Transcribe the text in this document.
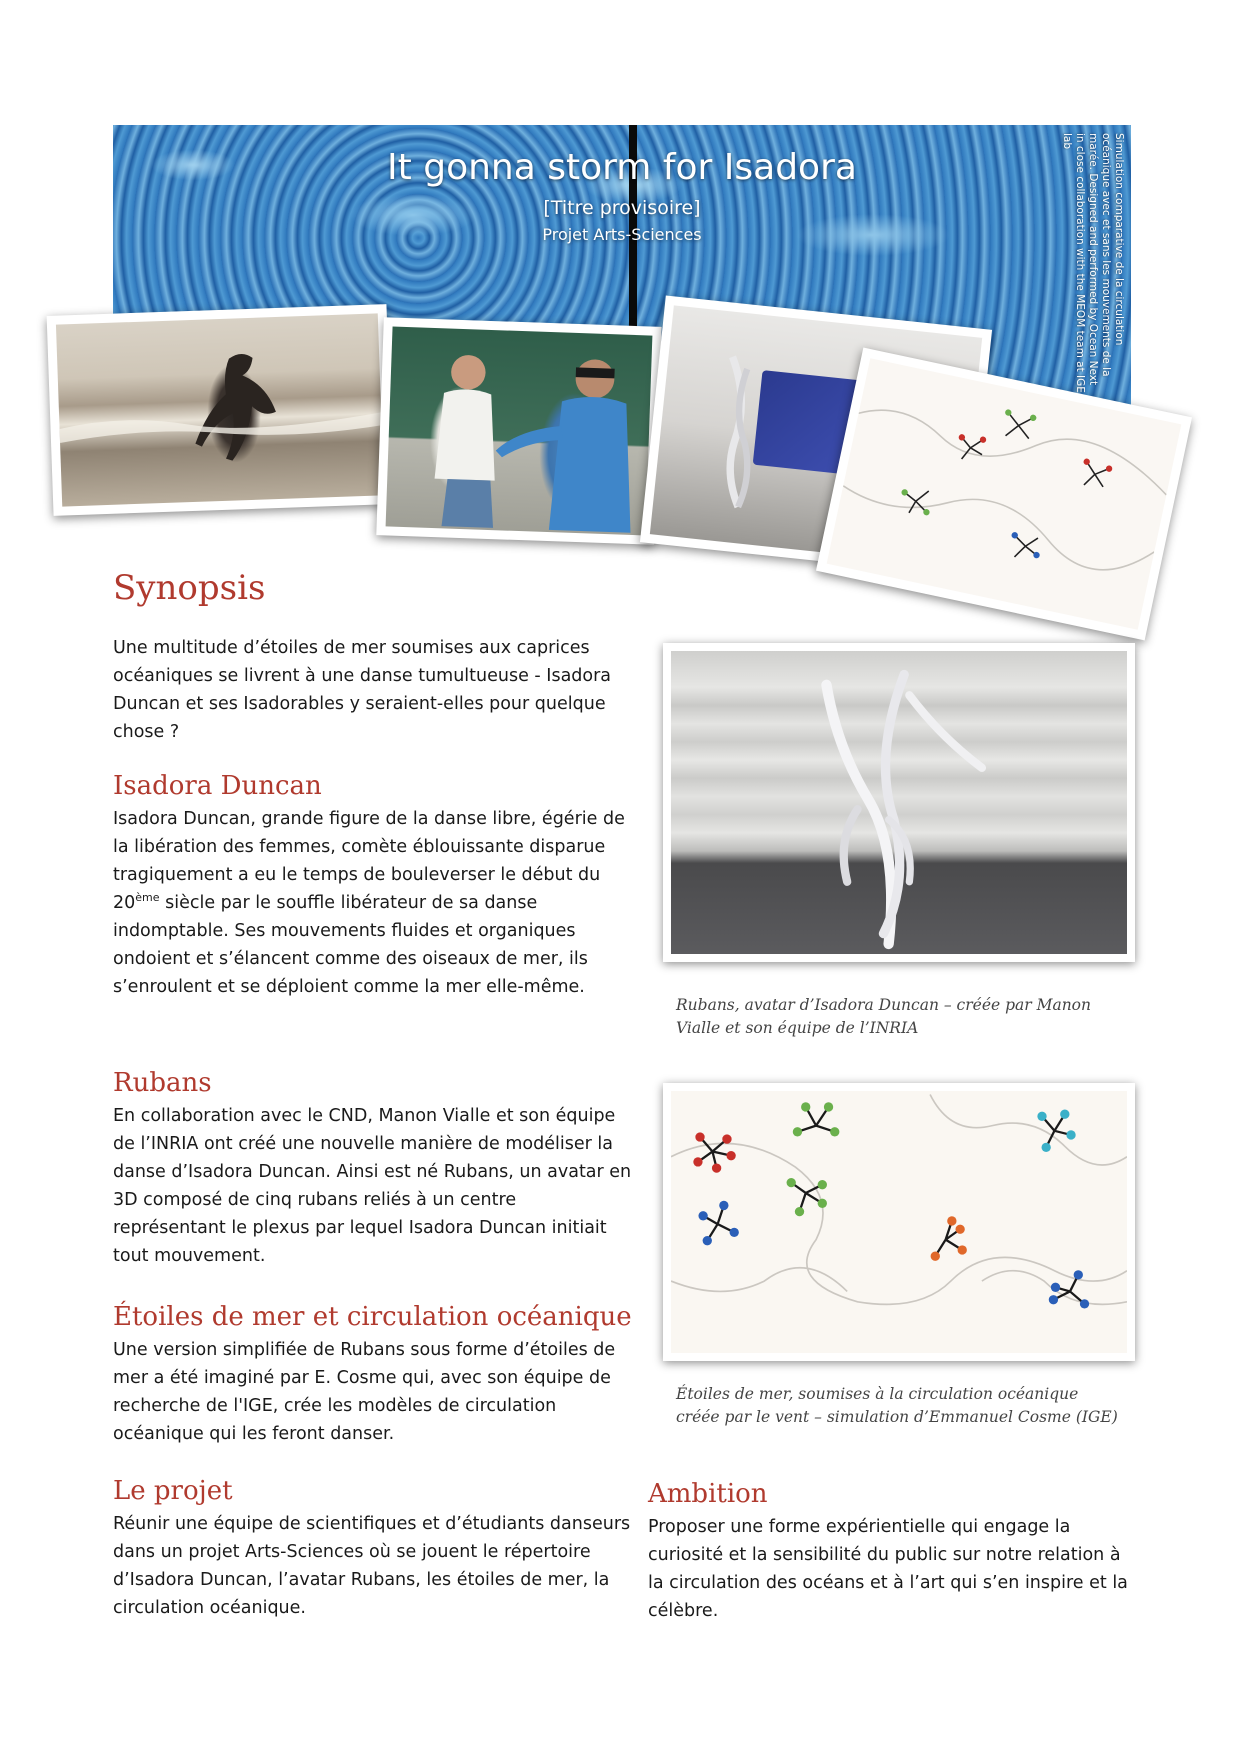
It gonna storm for Isadora
[Titre provisoire]
Projet Arts-Sciences	Simulation comparative de la circulation océanique avec et sans les mouvements de la marée. Designed and performed by Ocean Next in close collaboration with the MEOM team at IGE lab
Synopsis

Une multitude d’étoiles de mer soumises aux caprices océaniques se livrent à une danse tumultueuse - Isadora Duncan et ses Isadorables y seraient-elles pour quelque chose ?

Isadora Duncan

Isadora Duncan, grande figure de la danse libre, égérie de la libération des femmes, comète éblouissante disparue tragiquement a eu le temps de bouleverser le début du 20ème siècle par le souffle libérateur de sa danse indomptable. Ses mouvements fluides et organiques ondoient et s’élancent comme des oiseaux de mer, ils s’enroulent et se déploient comme la mer elle-même.

Rubans

En collaboration avec le CND, Manon Vialle et son équipe de l’INRIA ont créé une nouvelle manière de modéliser la danse d’Isadora Duncan. Ainsi est né Rubans, un avatar en 3D composé de cinq rubans reliés à un centre représentant le plexus par lequel Isadora Duncan initiait tout mouvement.

Étoiles de mer et circulation océanique

Une version simplifiée de Rubans sous forme d’étoiles de mer a été imaginé par E. Cosme qui, avec son équipe de recherche de l'IGE, crée les modèles de circulation océanique qui les feront danser.

Le projet

Réunir une équipe de scientifiques et d’étudiants danseurs dans un projet Arts-Sciences où se jouent le répertoire d’Isadora Duncan, l’avatar Rubans, les étoiles de mer, la circulation océanique.

Rubans, avatar d’Isadora Duncan – créée par Manon Vialle et son équipe de l’INRIA
Étoiles de mer, soumises à la circulation océanique créée par le vent – simulation d’Emmanuel Cosme (IGE)
Ambition

Proposer une forme expérientielle qui engage la curiosité et la sensibilité du public sur notre relation à la circulation des océans et à l’art qui s’en inspire et la célèbre.
